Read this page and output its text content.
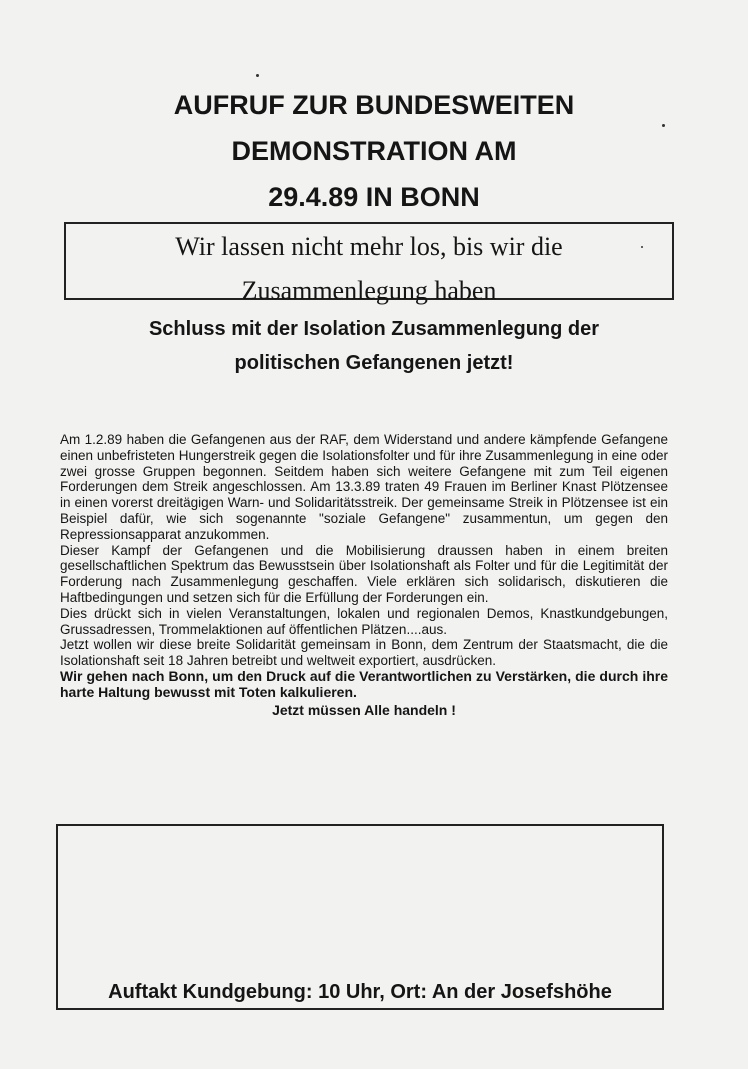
AUFRUF ZUR BUNDESWEITEN
DEMONSTRATION AM
29.4.89 IN BONN
Wir lassen nicht mehr los, bis wir die
Zusammenlegung haben
Schluss mit der Isolation Zusammenlegung der
politischen Gefangenen jetzt!

Am 1.2.89 haben die Gefangenen aus der RAF, dem Widerstand und andere kämpfende Gefangene einen unbefristeten Hungerstreik gegen die Isolationsfolter und für ihre Zusammenlegung in eine oder zwei grosse Gruppen begonnen. Seitdem haben sich weitere Gefangene mit zum Teil eigenen Forderungen dem Streik angeschlossen. Am 13.3.89 traten 49 Frauen im Berliner Knast Plötzensee in einen vorerst dreitägigen Warn- und Solidaritätsstreik. Der gemeinsame Streik in Plötzensee ist ein Beispiel dafür, wie sich sogenannte "soziale Gefangene" zusammentun, um gegen den Repressionsapparat anzukommen.

Dieser Kampf der Gefangenen und die Mobilisierung draussen haben in einem breiten gesellschaftlichen Spektrum das Bewusstsein über Isolationshaft als Folter und für die Legitimität der Forderung nach Zusammenlegung geschaffen. Viele erklären sich solidarisch, diskutieren die Haftbedingungen und setzen sich für die Erfüllung der Forderungen ein.

Dies drückt sich in vielen Veranstaltungen, lokalen und regionalen Demos, Knastkundgebungen, Grussadressen, Trommelaktionen auf öffentlichen Plätzen....aus.

Jetzt wollen wir diese breite Solidarität gemeinsam in Bonn, dem Zentrum der Staatsmacht, die die Isolationshaft seit 18 Jahren betreibt und weltweit exportiert, ausdrücken.

Wir gehen nach Bonn, um den Druck auf die Verantwortlichen zu Verstärken, die durch ihre harte Haltung bewusst mit Toten kalkulieren.

Jetzt müssen Alle handeln !

Auftakt Kundgebung: 10 Uhr, Ort: An der Josefshöhe
